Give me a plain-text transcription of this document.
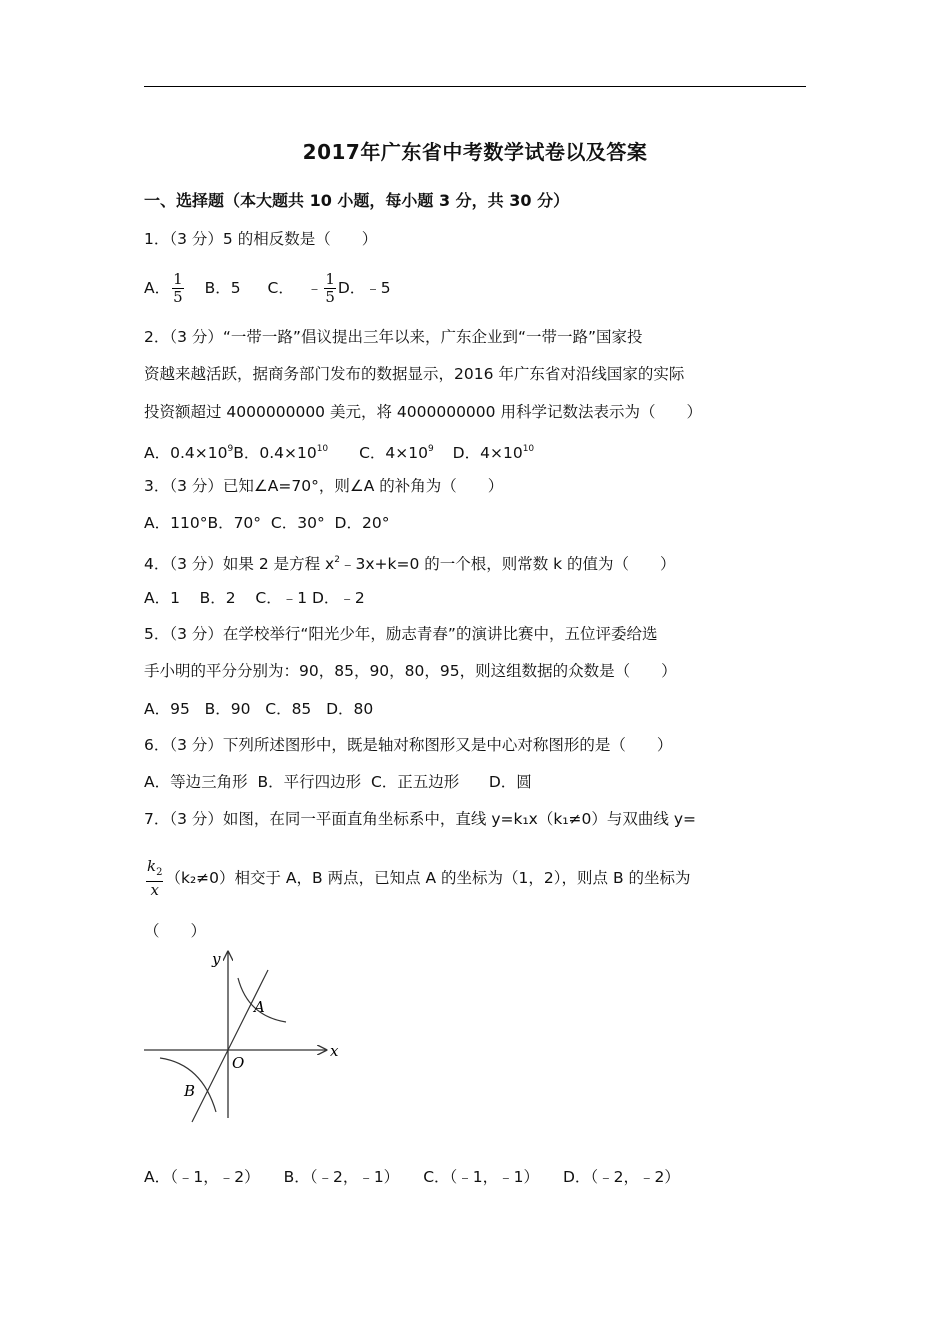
2017年广东省中考数学试卷以及答案
一、选择题（本大题共 10 小题，每小题 3 分，共 30 分）
1．（3 分）5 的相反数是（　　）
A． $\frac{1}{5}$ B．5 C． ﹣ $\frac{1}{5}$ D．﹣5
2．（3 分）“一带一路”倡议提出三年以来，广东企业到“一带一路”国家投
资越来越活跃，据商务部门发布的数据显示，2016 年广东省对沿线国家的实际
投资额超过 4000000000 美元，将 4000000000 用科学记数法表示为（　　）
A．$0.4\times 10^9B$．$0.4\times 10^{10}$ C．$4\times 10^9$ D．$4\times 10^{10}$
3．（3 分）已知∠A=70°，则∠A 的补角为（　　）
A．110°B．70°  C．30°  D．20°
4．（3 分）如果 2 是方程 $x^2﹣3x+k=0$ 的一个根，则常数 k 的值为（　　）
A．1    B．2    C．﹣1 D．﹣2
5．（3 分）在学校举行“阳光少年，励志青春”的演讲比赛中，五位评委给选
手小明的平分分别为：90，85，90，80，95，则这组数据的众数是（　　）
A．95   B．90   C．85   D．80
6．（3 分）下列所述图形中，既是轴对称图形又是中心对称图形的是（　　）
A．等边三角形  B．平行四边形  C．正五边形      D．圆
7．（3 分）如图，在同一平面直角坐标系中，直线 y=k₁x（k₁≠0）与双曲线 y=
$\frac{k_2}{x} (k_2\ne 0)$相交于 A，B 两点，已知点 A 的坐标为（1，2），则点 B 的坐标为
（　　）
y
x
O
A
B
A．（﹣1，﹣2） B．（﹣2，﹣1） C．（﹣1，﹣1） D．（﹣2，﹣2）
